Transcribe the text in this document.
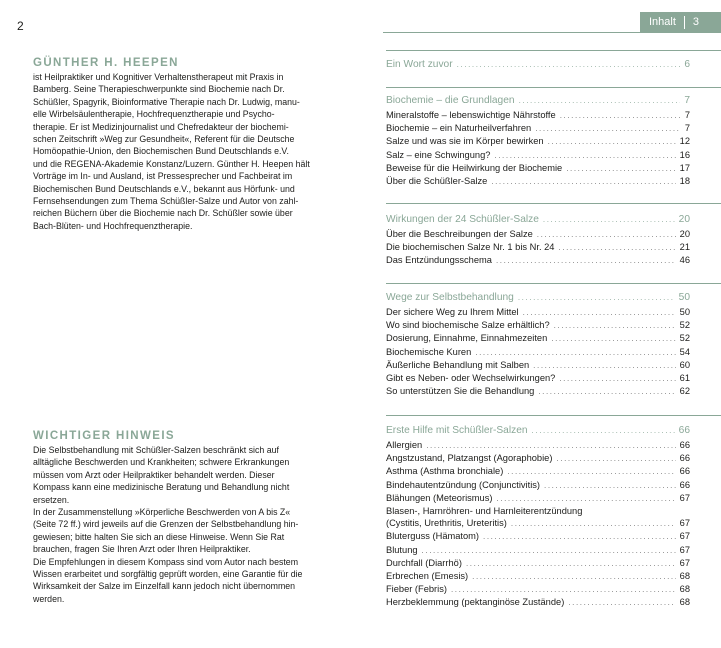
2	Inhalt 3
GÜNTHER H. HEEPEN
ist Heilpraktiker und Kognitiver Verhaltenstherapeut mit Praxis in
Bamberg. Seine Therapieschwerpunkte sind Biochemie nach Dr.
Schüßler, Spagyrik, Bioinformative Therapie nach Dr. Ludwig, manu-
elle Wirbelsäulentherapie, Hochfrequenztherapie und Psycho-
therapie. Er ist Medizinjournalist und Chefredakteur der biochemi-
schen Zeitschrift »Weg zur Gesundheit«, Referent für die Deutsche
Homöopathie-Union, den Biochemischen Bund Deutschlands e.V.
und die REGENA-Akademie Konstanz/Luzern. Günther H. Heepen hält
Vorträge im In- und Ausland, ist Pressesprecher und Fachbeirat im
Biochemischen Bund Deutschlands e.V., bekannt aus Hörfunk- und
Fernsehsendungen zum Thema Schüßler-Salze und Autor von zahl-
reichen Büchern über die Biochemie nach Dr. Schüßler sowie über
Bach-Blüten- und Hochfrequenztherapie.
WICHTIGER HINWEIS
Die Selbstbehandlung mit Schüßler-Salzen beschränkt sich auf
alltägliche Beschwerden und Krankheiten; schwere Erkrankungen
müssen vom Arzt oder Heilpraktiker behandelt werden. Dieser
Kompass kann eine medizinische Beratung und Behandlung nicht
ersetzen.
In der Zusammenstellung »Körperliche Beschwerden von A bis Z«
(Seite 72 ff.) wird jeweils auf die Grenzen der Selbstbehandlung hin-
gewiesen; bitte halten Sie sich an diese Hinweise. Wenn Sie Rat
brauchen, fragen Sie Ihren Arzt oder Ihren Heilpraktiker.
Die Empfehlungen in diesem Kompass sind vom Autor nach bestem
Wissen erarbeitet und sorgfältig geprüft worden, eine Garantie für die
Wirksamkeit der Salze im Einzelfall kann jedoch nicht übernommen
werden.
Ein Wort zuvor .....	6
Biochemie – die Grundlagen .....	7
Mineralstoffe – lebenswichtige Nährstoffe .....	7
Biochemie – ein Naturheilverfahren .....	7
Salze und was sie im Körper bewirken .....	12
Salz – eine Schwingung? .....	16
Beweise für die Heilwirkung der Biochemie .....	17
Über die Schüßler-Salze .....	18
Wirkungen der 24 Schüßler-Salze .....	20
Über die Beschreibungen der Salze .....	20
Die biochemischen Salze Nr. 1 bis Nr. 24 .....	21
Das Entzündungsschema .....	46
Wege zur Selbstbehandlung .....	50
Der sichere Weg zu Ihrem Mittel .....	50
Wo sind biochemische Salze erhältlich? .....	52
Dosierung, Einnahme, Einnahmezeiten .....	52
Biochemische Kuren .....	54
Äußerliche Behandlung mit Salben .....	60
Gibt es Neben- oder Wechselwirkungen? .....	61
So unterstützen Sie die Behandlung .....	62
Erste Hilfe mit Schüßler-Salzen .....	66
Allergien .....	66
Angstzustand, Platzangst (Agoraphobie) .....	66
Asthma (Asthma bronchiale) .....	66
Bindehautentzündung (Conjunctivitis) .....	66
Blähungen (Meteorismus) .....	67
Blasen-, Harnröhren- und Harnleiterentzündung
(Cystitis, Urethritis, Ureteritis) .....	67
Bluterguss (Hämatom) .....	67
Blutung .....	67
Durchfall (Diarrhö) .....	67
Erbrechen (Emesis) .....	68
Fieber (Febris) .....	68
Herzbeklemmung (pektanginöse Zustände) .....	68
